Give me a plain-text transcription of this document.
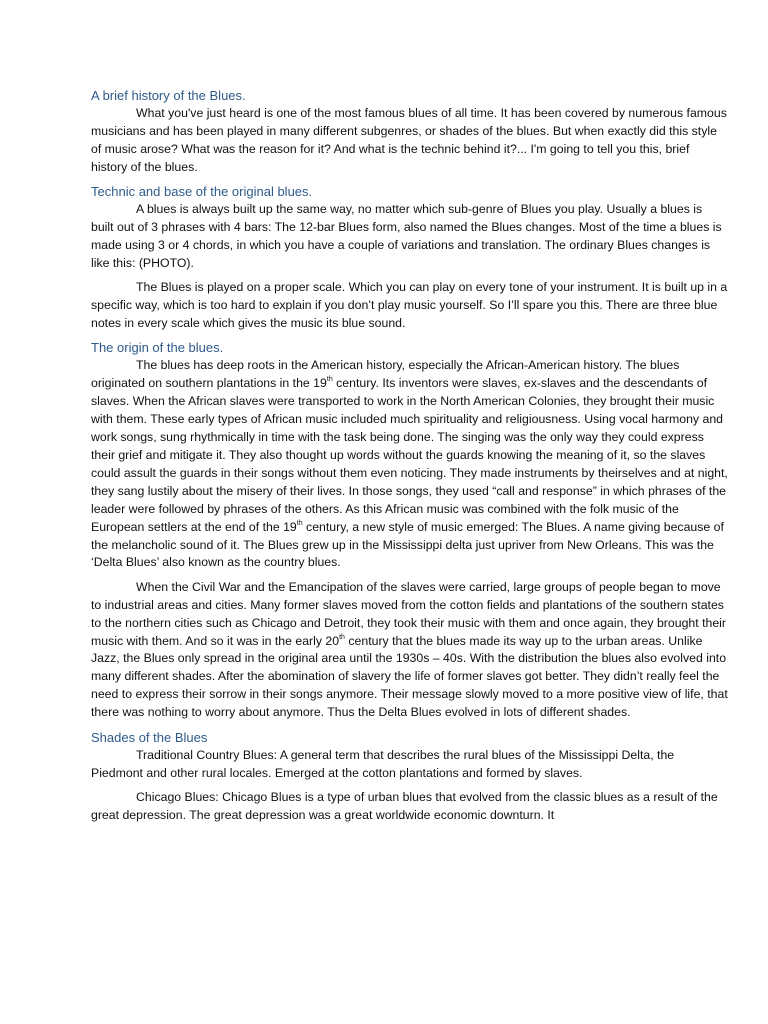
A brief history of the Blues.

What you've just heard is one of the most famous blues of all time. It has been covered by numerous famous musicians and has been played in many different subgenres, or shades of the blues. But when exactly did this style of music arose? What was the reason for it? And what is the technic behind it?... I'm going to tell you this, brief history of the blues.

Technic and base of the original blues.

A blues is always built up the same way, no matter which sub-genre of Blues you play. Usually a blues is built out of 3 phrases with 4 bars: The 12-bar Blues form, also named the Blues changes. Most of the time a blues is made using 3 or 4 chords, in which you have a couple of variations and translation. The ordinary Blues changes is like this: (PHOTO).

The Blues is played on a proper scale. Which you can play on every tone of your instrument. It is built up in a specific way, which is too hard to explain if you don’t play music yourself. So I’ll spare you this. There are three blue notes in every scale which gives the music its blue sound.

The origin of the blues.

The blues has deep roots in the American history, especially the African-American history. The blues originated on southern plantations in the 19th century. Its inventors were slaves, ex-slaves and the descendants of slaves. When the African slaves were transported to work in the North American Colonies, they brought their music with them. These early types of African music included much spirituality and religiousness. Using vocal harmony and work songs, sung rhythmically in time with the task being done. The singing was the only way they could express their grief and mitigate it. They also thought up words without the guards knowing the meaning of it, so the slaves could assult the guards in their songs without them even noticing. They made instruments by theirselves and at night, they sang lustily about the misery of their lives. In those songs, they used “call and response” in which phrases of the leader were followed by phrases of the others. As this African music was combined with the folk music of the European settlers at the end of the 19th century, a new style of music emerged: The Blues. A name giving because of the melancholic sound of it. The Blues grew up in the Mississippi delta just upriver from New Orleans. This was the ‘Delta Blues’ also known as the country blues.

When the Civil War and the Emancipation of the slaves were carried, large groups of people began to move to industrial areas and cities. Many former slaves moved from the cotton fields and plantations of the southern states to the northern cities such as Chicago and Detroit, they took their music with them and once again, they brought their music with them. And so it was in the early 20th century that the blues made its way up to the urban areas. Unlike Jazz, the Blues only spread in the original area until the 1930s – 40s. With the distribution the blues also evolved into many different shades. After the abomination of slavery the life of former slaves got better. They didn’t really feel the need to express their sorrow in their songs anymore. Their message slowly moved to a more positive view of life, that there was nothing to worry about anymore. Thus the Delta Blues evolved in lots of different shades.

Shades of the Blues

Traditional Country Blues: A general term that describes the rural blues of the Mississippi Delta, the Piedmont and other rural locales. Emerged at the cotton plantations and formed by slaves.

Chicago Blues: Chicago Blues is a type of urban blues that evolved from the classic blues as a result of the great depression. The great depression was a great worldwide economic downturn. It
